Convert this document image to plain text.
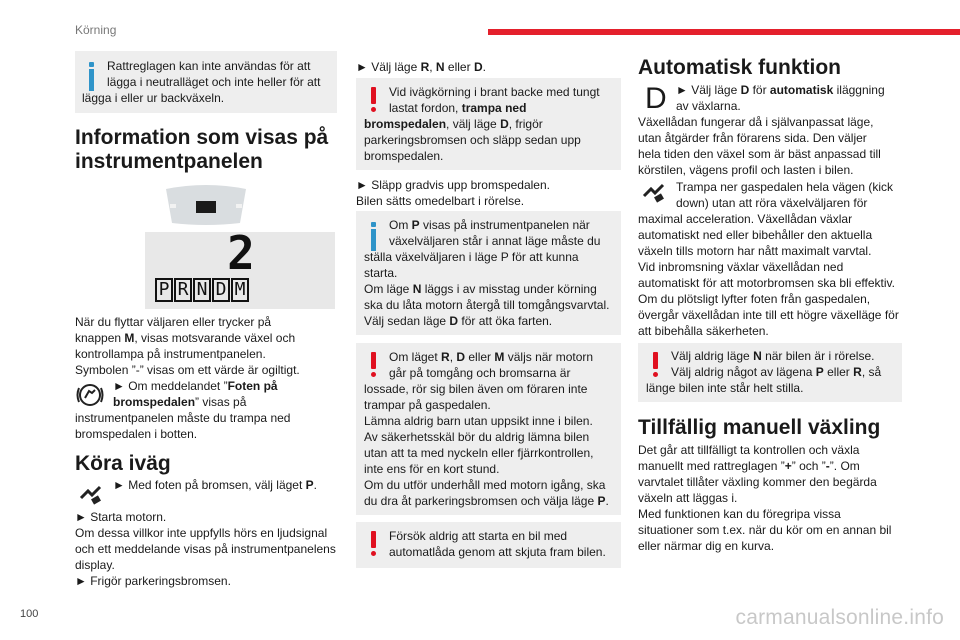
Körning
100	carmanualsonline.info
Rattreglagen kan inte användas för att
lägga i neutralläget och inte heller för att
lägga i eller ur backväxeln.
Information som visas på
instrumentpanelen
2
P R N D M
När du flyttar väljaren eller trycker på
knappen M, visas motsvarande växel och
kontrollampa på instrumentpanelen.
Symbolen ”-” visas om ett värde är ogiltigt.
► Om meddelandet ”Foten på
bromspedalen” visas på
instrumentpanelen måste du trampa ned
bromspedalen i botten.
Köra iväg
► Med foten på bromsen, välj läget P.
► Starta motorn.
Om dessa villkor inte uppfylls hörs en ljudsignal
och ett meddelande visas på instrumentpanelens
display.
► Frigör parkeringsbromsen.
► Välj läge R, N eller D.
Vid ivägkörning i brant backe med tungt
lastat fordon, trampa ned
bromspedalen, välj läge D, frigör
parkeringsbromsen och släpp sedan upp
bromspedalen.
► Släpp gradvis upp bromspedalen.
Bilen sätts omedelbart i rörelse.
Om P visas på instrumentpanelen när
växelväljaren står i annat läge måste du
ställa växelväljaren i läge P för att kunna
starta.
Om läge N läggs i av misstag under körning
ska du låta motorn återgå till tomgångsvarvtal.
Välj sedan läge D för att öka farten.
Om läget R, D eller M väljs när motorn
går på tomgång och bromsarna är
lossade, rör sig bilen även om föraren inte
trampar på gaspedalen.
Lämna aldrig barn utan uppsikt inne i bilen.
Av säkerhetsskäl bör du aldrig lämna bilen
utan att ta med nyckeln eller fjärrkontrollen,
inte ens för en kort stund.
Om du utför underhåll med motorn igång, ska
du dra åt parkeringsbromsen och välja läge P.
Försök aldrig att starta en bil med
automatlåda genom att skjuta fram bilen.
Automatisk funktion
D ► Välj läge D för automatisk iläggning
av växlarna.
Växellådan fungerar då i självanpassat läge,
utan åtgärder från förarens sida. Den väljer
hela tiden den växel som är bäst anpassad till
körstilen, vägens profil och lasten i bilen.
Trampa ner gaspedalen hela vägen (kick
down) utan att röra växelväljaren för
maximal acceleration. Växellådan växlar
automatiskt ned eller bibehåller den aktuella
växeln tills motorn har nått maximalt varvtal.
Vid inbromsning växlar växellådan ned
automatiskt för att motorbromsen ska bli effektiv.
Om du plötsligt lyfter foten från gaspedalen,
övergår växellådan inte till ett högre växelläge för
att bibehålla säkerheten.
Välj aldrig läge N när bilen är i rörelse.
Välj aldrig något av lägena P eller R, så
länge bilen inte står helt stilla.
Tillfällig manuell växling
Det går att tillfälligt ta kontrollen och växla
manuellt med rattreglagen ”+” och ”-”. Om
varvtalet tillåter växling kommer den begärda
växeln att läggas i.
Med funktionen kan du föregripa vissa
situationer som t.ex. när du kör om en annan bil
eller närmar dig en kurva.
